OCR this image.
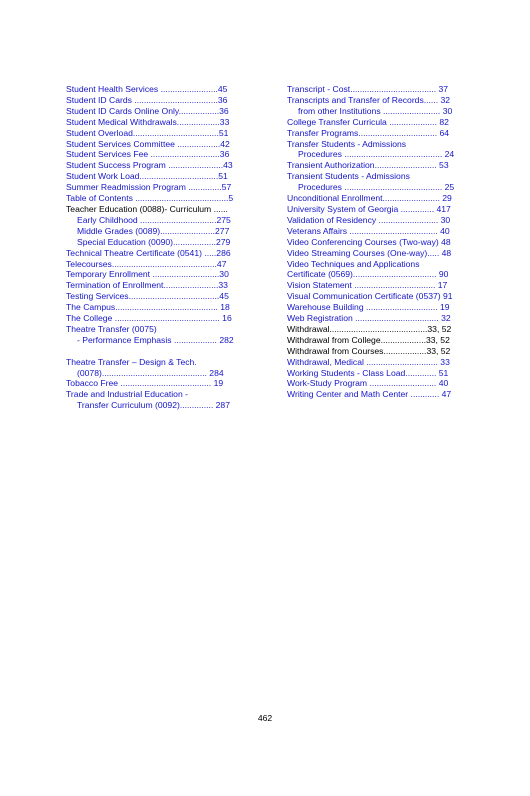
Student Health Services ........................45
Student ID Cards ...................................36
Student ID Cards Online Only.................36
Student Medical Withdrawals..................33
Student Overload....................................51
Student Services Committee ..................42
Student Services Fee .............................36
Student Success Program .......................43
Student Work Load.................................51
Summer Readmission Program ..............57
Table of Contents .......................................5
Teacher Education (0088)- Curriculum ......
Early Childhood ................................275
Middle Grades (0089).......................277
Special Education (0090)..................279
Technical Theatre Certificate (0541) .....286
Telecourses............................................47
Temporary Enrollment ............................30
Termination of Enrollment.......................33
Testing Services......................................45
The Campus........................................... 18
The College ............................................ 16
Theatre Transfer (0075)
- Performance Emphasis .................. 282
Theatre Transfer – Design & Tech.
(0078)............................................ 284
Tobacco Free ...................................... 19
Trade and Industrial Education -
Transfer Curriculum (0092).............. 287
Transcript - Cost.................................... 37
Transcripts and Transfer of Records...... 32
from other Institutions ........................ 30
College Transfer Curricula .................... 82
Transfer Programs................................. 64
Transfer Students - Admissions
Procedures ......................................... 24
Transient Authorization.......................... 53
Transient Students - Admissions
Procedures ......................................... 25
Unconditional Enrollment........................ 29
University System of Georgia .............. 417
Validation of Residency ......................... 30
Veterans Affairs ..................................... 40
Video Conferencing Courses (Two-way) 48
Video Streaming Courses (One-way)..... 48
Video Techniques and Applications
Certificate (0569)................................... 90
Vision Statement .................................. 17
Visual Communication Certificate (0537) 91
Warehouse Building .............................. 19
Web Registration ................................... 32
Withdrawal.........................................33, 52
Withdrawal from College...................33, 52
Withdrawal from Courses..................33, 52
Withdrawal, Medical .............................. 33
Working Students - Class Load............. 51
Work-Study Program ............................ 40
Writing Center and Math Center ............ 47
462
